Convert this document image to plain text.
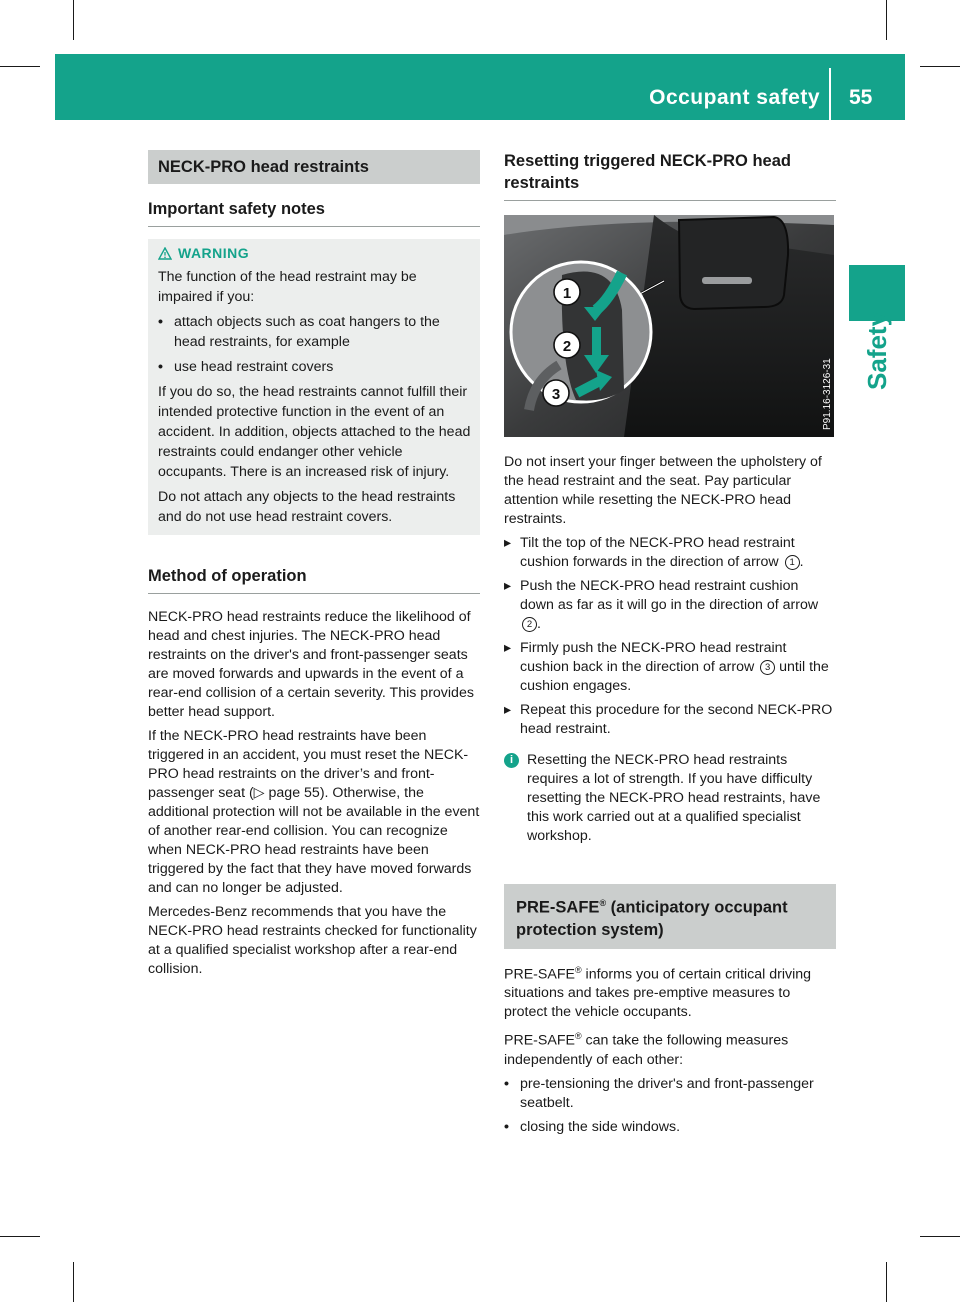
Occupant safety 55
Safety
NECK-PRO head restraints
Important safety notes
WARNING

The function of the head restraint may be impaired if you:

• attach objects such as coat hangers to the head restraints, for example
• use head restraint covers

If you do so, the head restraints cannot fulfill their intended protective function in the event of an accident. In addition, objects attached to the head restraints could endanger other vehicle occupants. There is an increased risk of injury.

Do not attach any objects to the head restraints and do not use head restraint covers.

Method of operation

NECK-PRO head restraints reduce the likelihood of head and chest injuries. The NECK-PRO head restraints on the driver's and front-passenger seats are moved forwards and upwards in the event of a rear-end collision of a certain severity. This provides better head support.

If the NECK-PRO head restraints have been triggered in an accident, you must reset the NECK-PRO head restraints on the driver’s and front-passenger seat (▷ page 55). Otherwise, the additional protection will not be available in the event of another rear-end collision. You can recognize when NECK-PRO head restraints have been triggered by the fact that they have moved forwards and can no longer be adjusted.

Mercedes-Benz recommends that you have the NECK-PRO head restraints checked for functionality at a qualified specialist workshop after a rear-end collision.

Resetting triggered NECK-PRO head restraints
1
2
3	P91.16-3126-31

Do not insert your finger between the upholstery of the head restraint and the seat. Pay particular attention while resetting the NECK-PRO head restraints.

▸ Tilt the top of the NECK-PRO head restraint cushion forwards in the direction of arrow 1 .
▸ Push the NECK-PRO head restraint cushion down as far as it will go in the direction of arrow 2 .
▸ Firmly push the NECK-PRO head restraint cushion back in the direction of arrow 3 until the cushion engages.
▸ Repeat this procedure for the second NECK-PRO head restraint.
i Resetting the NECK-PRO head restraints requires a lot of strength. If you have difficulty resetting the NECK-PRO head restraints, have this work carried out at a qualified specialist workshop.
PRE-SAFE® (anticipatory occupant protection system)

PRE-SAFE® informs you of certain critical driving situations and takes pre-emptive measures to protect the vehicle occupants.

PRE-SAFE® can take the following measures independently of each other:

• pre-tensioning the driver's and front-passenger seatbelt.
• closing the side windows.
